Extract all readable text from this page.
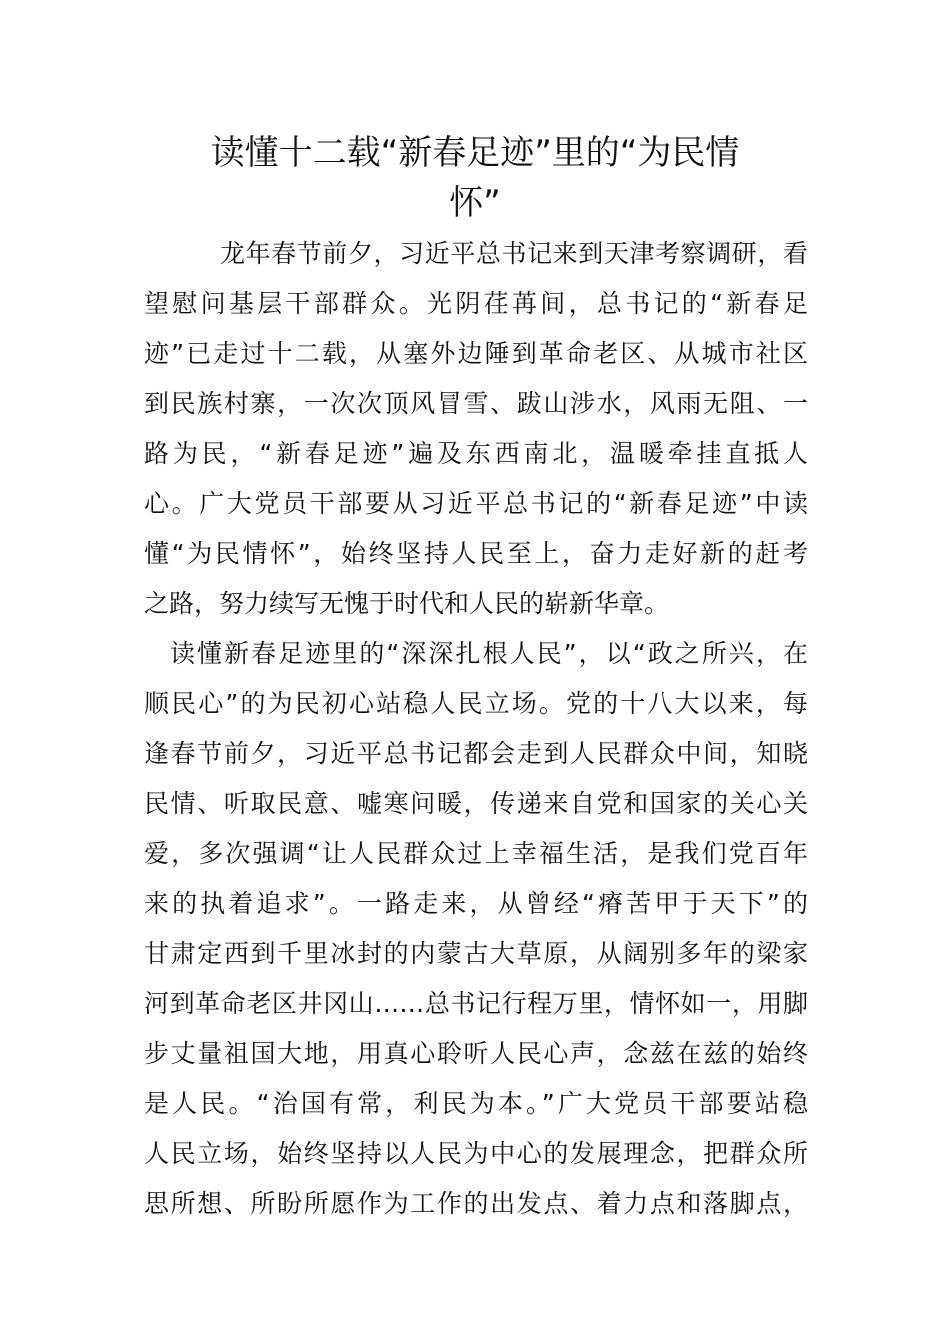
读懂十二载“新春足迹”里的“为民情
怀”
龙年春节前夕，习近平总书记来到天津考察调研，看
望慰问基层干部群众。光阴荏苒间，总书记的“新春足
迹”已走过十二载，从塞外边陲到革命老区、从城市社区
到民族村寨，一次次顶风冒雪、跋山涉水，风雨无阻、一
路为民，“新春足迹”遍及东西南北，温暖牵挂直抵人
心。广大党员干部要从习近平总书记的“新春足迹”中读
懂“为民情怀”，始终坚持人民至上，奋力走好新的赶考
之路，努力续写无愧于时代和人民的崭新华章。
读懂新春足迹里的“深深扎根人民”，以“政之所兴，在
顺民心”的为民初心站稳人民立场。党的十八大以来，每
逢春节前夕，习近平总书记都会走到人民群众中间，知晓
民情、听取民意、嘘寒问暖，传递来自党和国家的关心关
爱，多次强调“让人民群众过上幸福生活，是我们党百年
来的执着追求”。一路走来，从曾经“瘠苦甲于天下”的
甘肃定西到千里冰封的内蒙古大草原，从阔别多年的梁家
河到革命老区井冈山……总书记行程万里，情怀如一，用脚
步丈量祖国大地，用真心聆听人民心声，念兹在兹的始终
是人民。“治国有常，利民为本。”广大党员干部要站稳
人民立场，始终坚持以人民为中心的发展理念，把群众所
思所想、所盼所愿作为工作的出发点、着力点和落脚点，
